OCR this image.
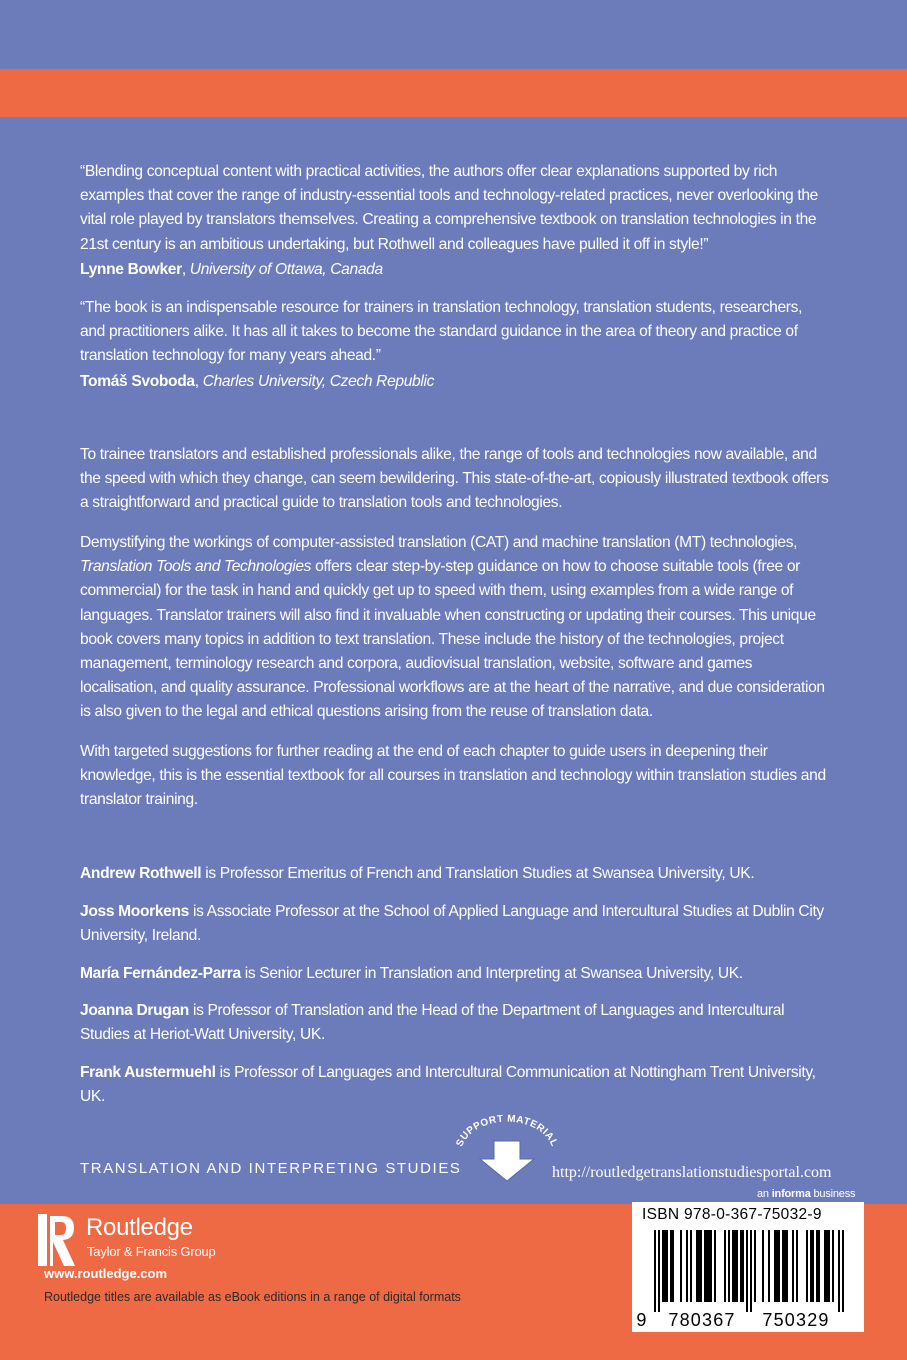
“Blending conceptual content with practical activities, the authors offer clear explanations supported by rich examples that cover the range of industry-essential tools and technology-related practices, never overlooking the vital role played by translators themselves. Creating a comprehensive textbook on translation technologies in the 21st century is an ambitious undertaking, but Rothwell and colleagues have pulled it off in style!”

Lynne Bowker, University of Ottawa, Canada

“The book is an indispensable resource for trainers in translation technology, translation students, researchers, and practitioners alike. It has all it takes to become the standard guidance in the area of theory and practice of translation technology for many years ahead.”

Tomáš Svoboda, Charles University, Czech Republic

To trainee translators and established professionals alike, the range of tools and technologies now available, and the speed with which they change, can seem bewildering. This state-of-the-art, copiously illustrated textbook offers a straightforward and practical guide to translation tools and technologies.

Demystifying the workings of computer-assisted translation (CAT) and machine translation (MT) technologies, Translation Tools and Technologies offers clear step-by-step guidance on how to choose suitable tools (free or commercial) for the task in hand and quickly get up to speed with them, using examples from a wide range of languages. Translator trainers will also find it invaluable when constructing or updating their courses. This unique book covers many topics in addition to text translation. These include the history of the technologies, project management, terminology research and corpora, audiovisual translation, website, software and games localisation, and quality assurance. Professional workflows are at the heart of the narrative, and due consideration is also given to the legal and ethical questions arising from the reuse of translation data.

With targeted suggestions for further reading at the end of each chapter to guide users in deepening their knowledge, this is the essential textbook for all courses in translation and technology within translation studies and translator training.

Andrew Rothwell is Professor Emeritus of French and Translation Studies at Swansea University, UK.
Joss Moorkens is Associate Professor at the School of Applied Language and Intercultural Studies at Dublin City University, Ireland.
María Fernández-Parra is Senior Lecturer in Translation and Interpreting at Swansea University, UK.
Joanna Drugan is Professor of Translation and the Head of the Department of Languages and Intercultural Studies at Heriot-Watt University, UK.
Frank Austermuehl is Professor of Languages and Intercultural Communication at Nottingham Trent University, UK.
TRANSLATION AND INTERPRETING STUDIES
SUPPORT MATERIAL
http://routledgetranslationstudiesportal.com
an informa business
Routledge
Taylor & Francis Group
www.routledge.com
Routledge titles are available as eBook editions in a range of digital formats
ISBN 978-0-367-75032-9
9 780367 750329
